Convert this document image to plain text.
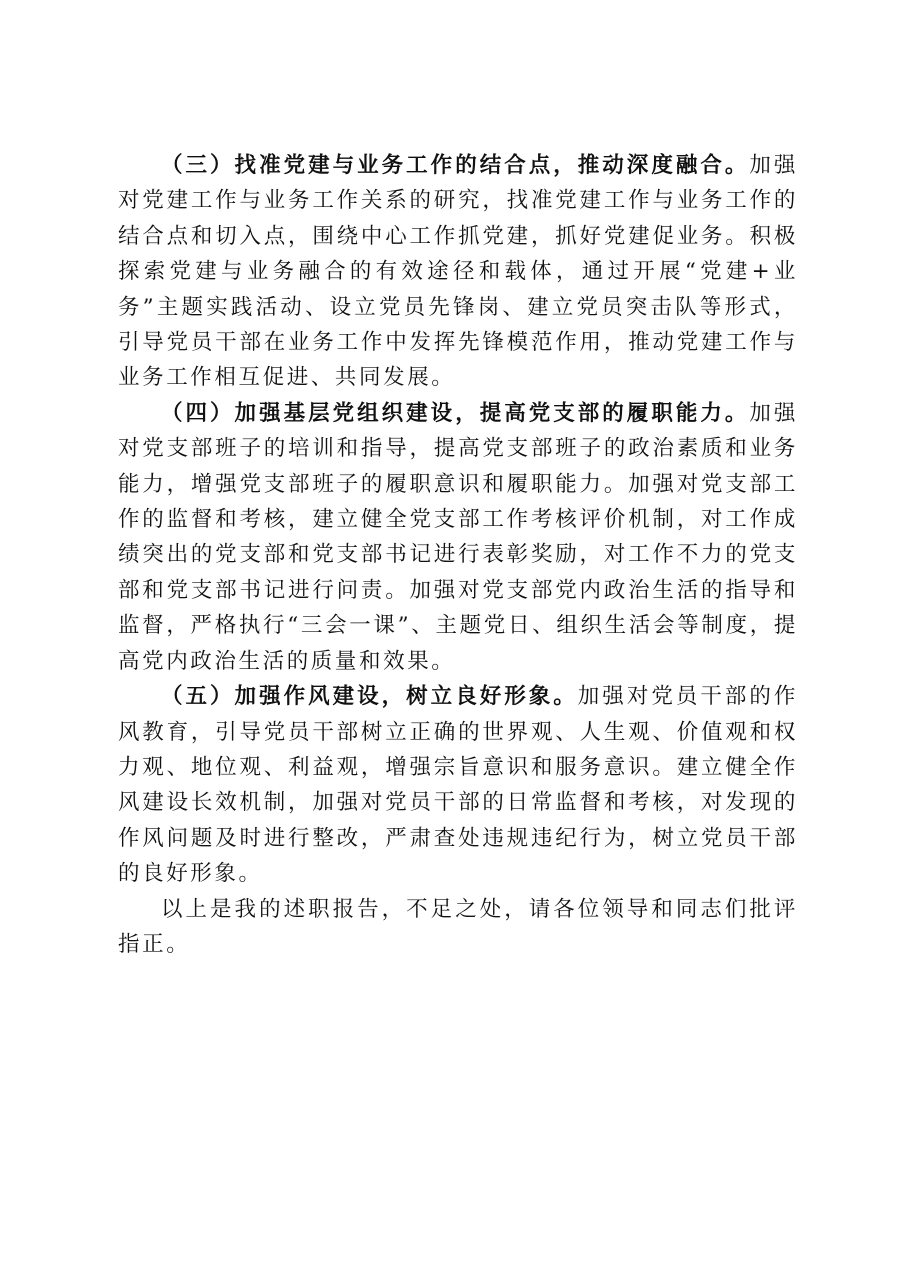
（三）找准党建与业务工作的结合点，推动深度融合。加强对党建工作与业务工作关系的研究，找准党建工作与业务工作的结合点和切入点，围绕中心工作抓党建，抓好党建促业务。积极探索党建与业务融合的有效途径和载体，通过开展“党建+业务”主题实践活动、设立党员先锋岗、建立党员突击队等形式，引导党员干部在业务工作中发挥先锋模范作用，推动党建工作与业务工作相互促进、共同发展。

（四）加强基层党组织建设，提高党支部的履职能力。加强对党支部班子的培训和指导，提高党支部班子的政治素质和业务能力，增强党支部班子的履职意识和履职能力。加强对党支部工作的监督和考核，建立健全党支部工作考核评价机制，对工作成绩突出的党支部和党支部书记进行表彰奖励，对工作不力的党支部和党支部书记进行问责。加强对党支部党内政治生活的指导和监督，严格执行“三会一课”、主题党日、组织生活会等制度，提高党内政治生活的质量和效果。

（五）加强作风建设，树立良好形象。加强对党员干部的作风教育，引导党员干部树立正确的世界观、人生观、价值观和权力观、地位观、利益观，增强宗旨意识和服务意识。建立健全作风建设长效机制，加强对党员干部的日常监督和考核，对发现的作风问题及时进行整改，严肃查处违规违纪行为，树立党员干部的良好形象。

以上是我的述职报告，不足之处，请各位领导和同志们批评指正。
